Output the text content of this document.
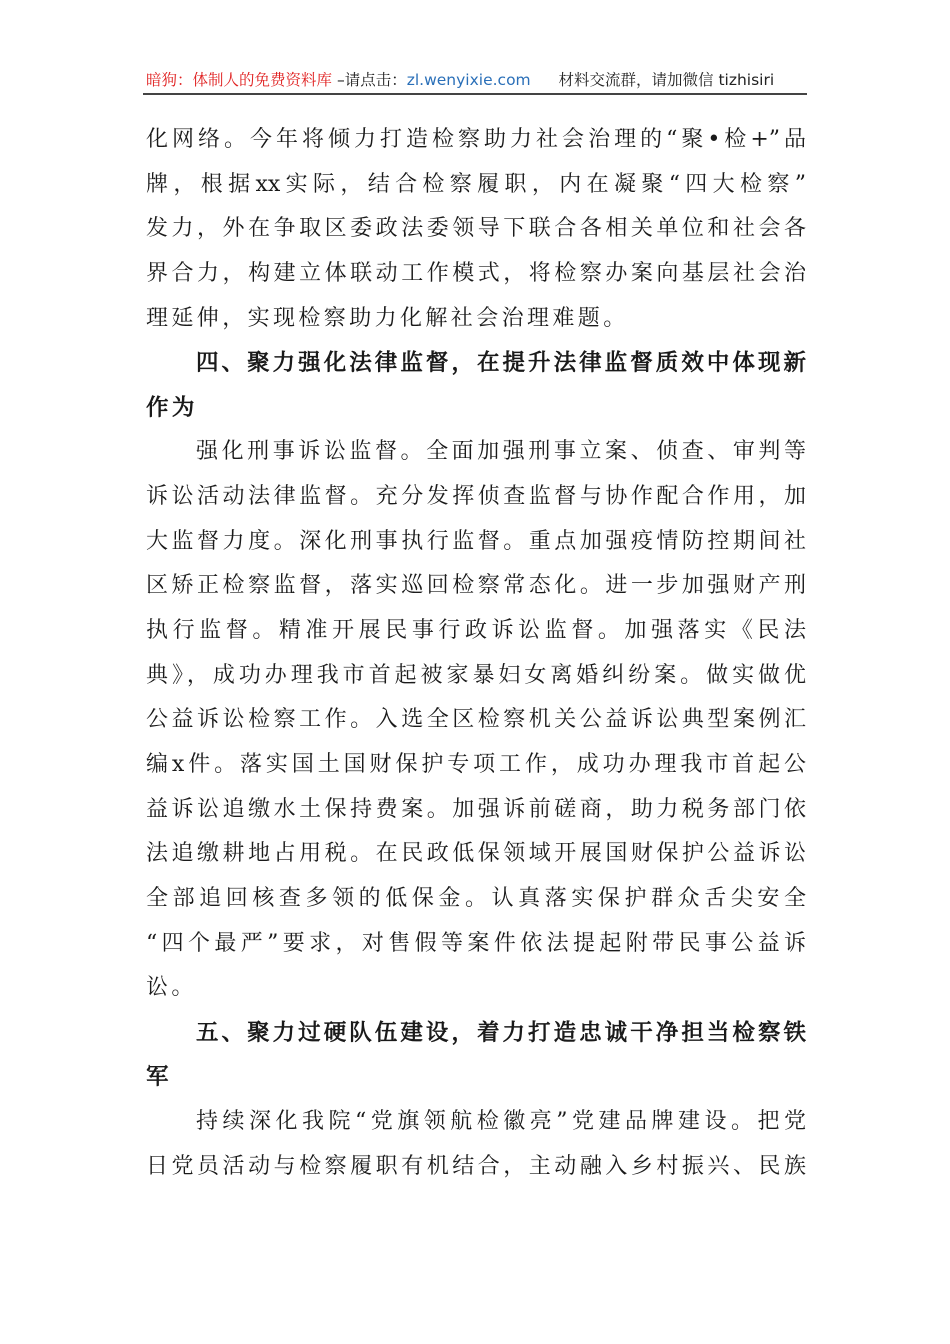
暗狗：体制人的免费资料库 –请点击：zl.wenyixie.com 材料交流群，请加微信 tizhisiri
化网络。今年将倾力打造检察助力社会治理的“聚•检+”品
牌，根据xx实际，结合检察履职，内在凝聚“四大检察”
发力，外在争取区委政法委领导下联合各相关单位和社会各
界合力，构建立体联动工作模式，将检察办案向基层社会治
理延伸，实现检察助力化解社会治理难题。
四、聚力强化法律监督，在提升法律监督质效中体现新
作为
强化刑事诉讼监督。全面加强刑事立案、侦查、审判等
诉讼活动法律监督。充分发挥侦查监督与协作配合作用，加
大监督力度。深化刑事执行监督。重点加强疫情防控期间社
区矫正检察监督，落实巡回检察常态化。进一步加强财产刑
执行监督。精准开展民事行政诉讼监督。加强落实《民法
典》，成功办理我市首起被家暴妇女离婚纠纷案。做实做优
公益诉讼检察工作。入选全区检察机关公益诉讼典型案例汇
编x件。落实国土国财保护专项工作，成功办理我市首起公
益诉讼追缴水土保持费案。加强诉前磋商，助力税务部门依
法追缴耕地占用税。在民政低保领域开展国财保护公益诉讼
全部追回核查多领的低保金。认真落实保护群众舌尖安全
“四个最严”要求，对售假等案件依法提起附带民事公益诉
讼。
五、聚力过硬队伍建设，着力打造忠诚干净担当检察铁
军
持续深化我院“党旗领航检徽亮”党建品牌建设。把党
日党员活动与检察履职有机结合，主动融入乡村振兴、民族
